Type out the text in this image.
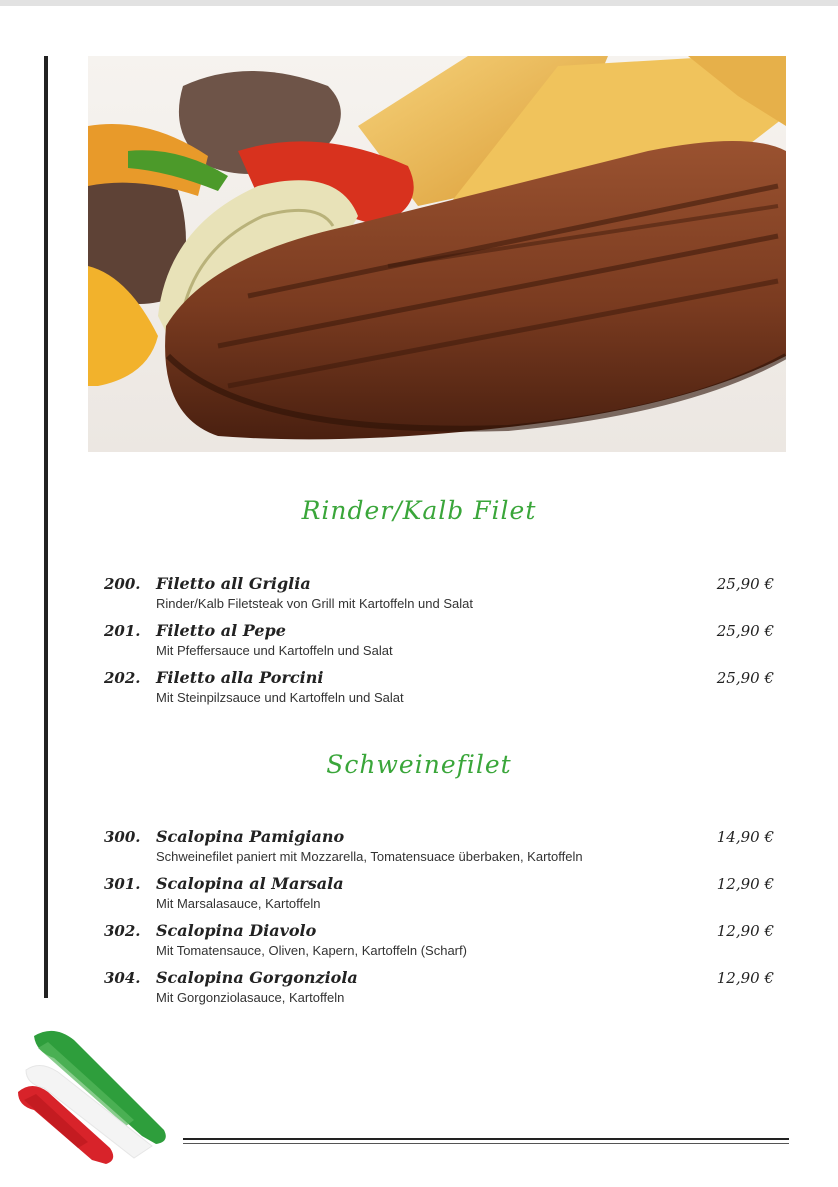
Rinder/Kalb Filet
200. Filetto all Griglia
Rinder/Kalb Filetsteak von Grill mit Kartoffeln und Salat
25,90 €
201. Filetto al Pepe
Mit Pfeffersauce und Kartoffeln und Salat
25,90 €
202. Filetto alla Porcini
Mit Steinpilzsauce und Kartoffeln und Salat
25,90 €
Schweinefilet
300. Scalopina Pamigiano
Schweinefilet paniert mit Mozzarella, Tomatensuace überbaken, Kartoffeln
14,90 €
301. Scalopina al Marsala
Mit Marsalasauce, Kartoffeln
12,90 €
302. Scalopina Diavolo
Mit Tomatensauce, Oliven, Kapern, Kartoffeln (Scharf)
12,90 €
304. Scalopina Gorgonziola
Mit Gorgonziolasauce, Kartoffeln
12,90 €
